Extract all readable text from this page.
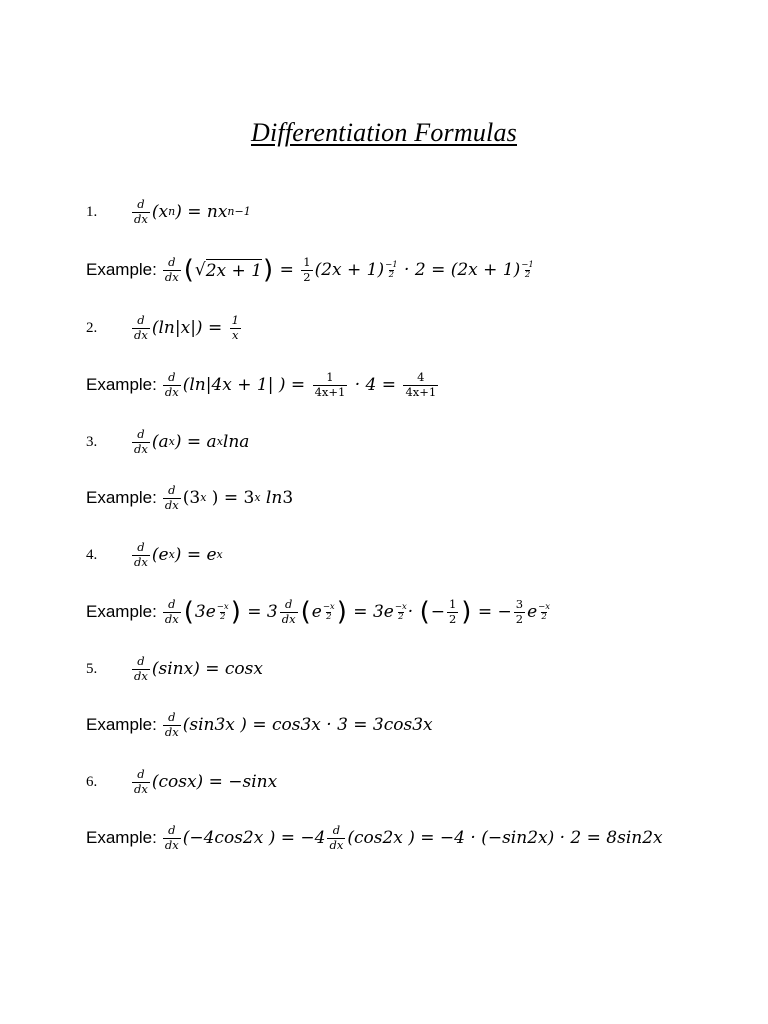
Differentiation Formulas
1.	$\frac{d}{dx} (x^n$ ) = $nx^{n-1}$
Example: $\frac{d}{dx}$ ( √ 2x + 1 ) = $\frac{1}{2} (2x + 1) -1$
2 · 2 = (2x + 1) −1
2
2.	$\frac{d}{dx} (\ln|x|) = \frac{1}{x}$
Example: $\frac{d}{dx} (\ln|4x + 1|$ ) = $\frac{1}{4x+1} \cdot 4 = \frac{4}{4x+1}$
3.	$\frac{d}{dx} (a^x$ ) = $a^x$ lna
Example: $\frac{d}{dx} (3^x$ ) = $3^x$ ln 3
4.	$\frac{d}{dx} (e^x$ ) = $e^x$
Example: $\frac{d}{dx}$ ( 3e −x
2 ) = $3 \frac{d}{dx}$ ( e −x
2 ) = 3e −x
2 · ( − $\frac{1}{2}$ ) = − $\frac{3}{2}$ e −x
2
5.	$\frac{d}{dx} (\sin x) = \cos x$
Example: $\frac{d}{dx} (\sin 3x$ ) = cos3x · 3 = 3cos3x
6.	$\frac{d}{dx} (\cos x) = -\sin x$
Example: $\frac{d}{dx} (-4\cos 2x$ ) = $-4 \frac{d}{dx} (\cos 2x$ ) = −4 · (−sin2x) · 2 = 8sin2x
